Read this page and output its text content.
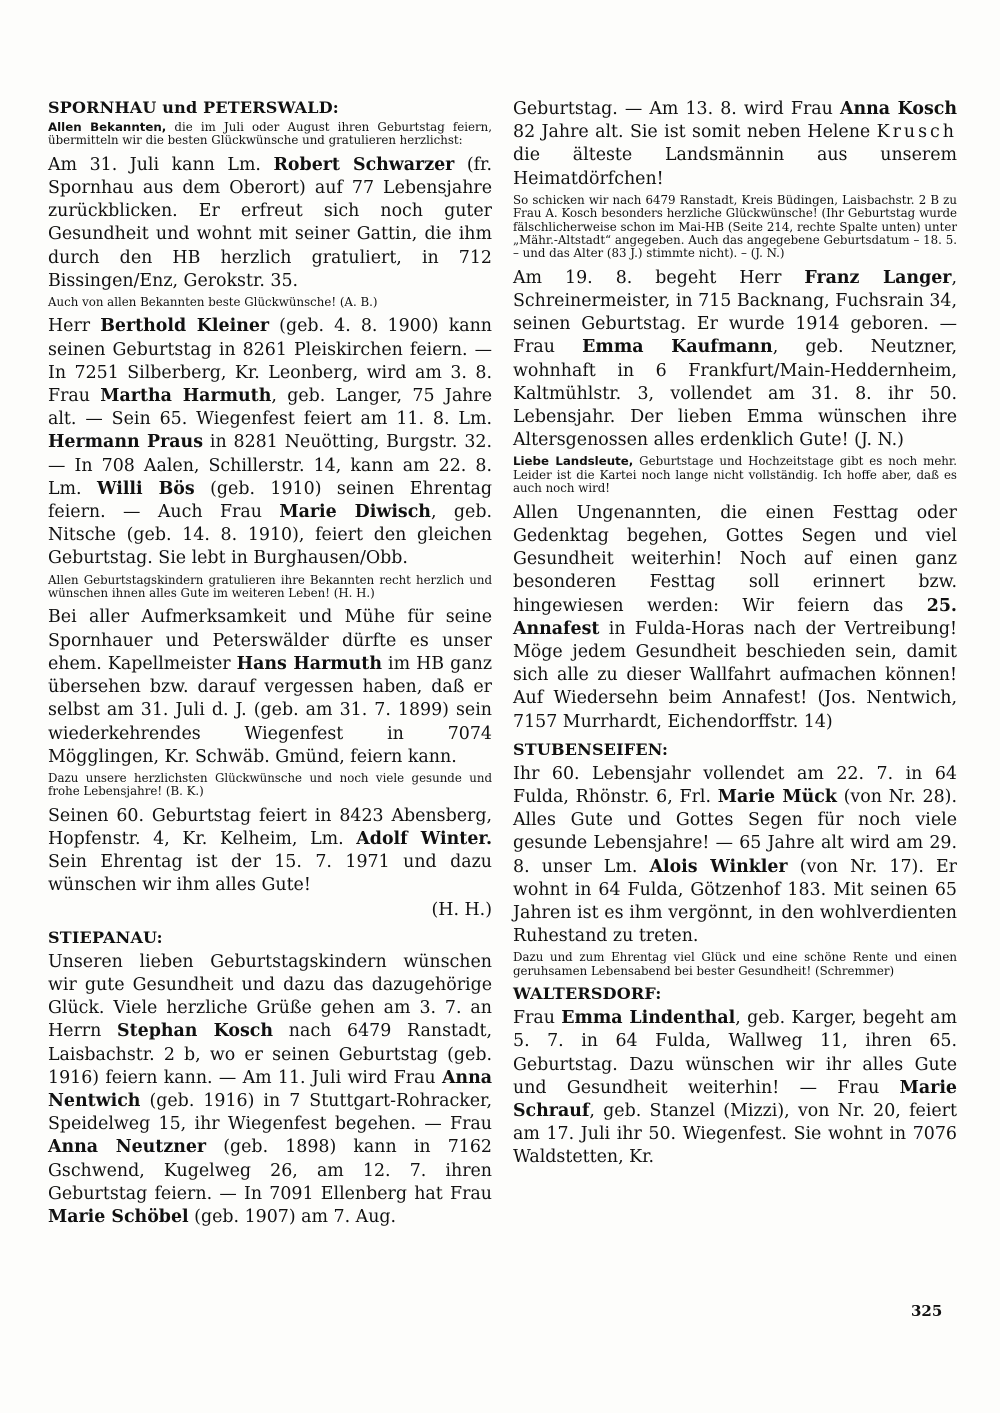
SPORNHAU und PETERSWALD:
Allen Bekannten, die im Juli oder August ihren Geburtstag feiern, übermitteln wir die besten Glückwünsche und gratulieren herzlichst:
Am 31. Juli kann Lm. Robert Schwarzer (fr. Spornhau aus dem Oberort) auf 77 Lebensjahre zurückblicken. Er erfreut sich noch guter Gesundheit und wohnt mit seiner Gattin, die ihm durch den HB herzlich gratuliert, in 712 Bissingen/Enz, Gerokstr. 35.
Auch von allen Bekannten beste Glückwünsche! (A. B.)
Herr Berthold Kleiner (geb. 4. 8. 1900) kann seinen Geburtstag in 8261 Pleiskirchen feiern. — In 7251 Silberberg, Kr. Leonberg, wird am 3. 8. Frau Martha Harmuth, geb. Langer, 75 Jahre alt. — Sein 65. Wiegenfest feiert am 11. 8. Lm. Hermann Praus in 8281 Neuötting, Burgstr. 32. — In 708 Aalen, Schillerstr. 14, kann am 22. 8. Lm. Willi Bös (geb. 1910) seinen Ehrentag feiern. — Auch Frau Marie Diwisch, geb. Nitsche (geb. 14. 8. 1910), feiert den gleichen Geburtstag. Sie lebt in Burghausen/Obb.
Allen Geburtstagskindern gratulieren ihre Bekannten recht herzlich und wünschen ihnen alles Gute im weiteren Leben! (H. H.)
Bei aller Aufmerksamkeit und Mühe für seine Spornhauer und Peterswälder dürfte es unser ehem. Kapellmeister Hans Harmuth im HB ganz übersehen bzw. darauf vergessen haben, daß er selbst am 31. Juli d. J. (geb. am 31. 7. 1899) sein wiederkehrendes Wiegenfest in 7074 Mögglingen, Kr. Schwäb. Gmünd, feiern kann.
Dazu unsere herzlichsten Glückwünsche und noch viele gesunde und frohe Lebensjahre! (B. K.)
Seinen 60. Geburtstag feiert in 8423 Abensberg, Hopfenstr. 4, Kr. Kelheim, Lm. Adolf Winter. Sein Ehrentag ist der 15. 7. 1971 und dazu wünschen wir ihm alles Gute!
(H. H.)
STIEPANAU:
Unseren lieben Geburtstagskindern wünschen wir gute Gesundheit und dazu das dazugehörige Glück. Viele herzliche Grüße gehen am 3. 7. an Herrn Stephan Kosch nach 6479 Ranstadt, Laisbachstr. 2 b, wo er seinen Geburtstag (geb. 1916) feiern kann. — Am 11. Juli wird Frau Anna Nentwich (geb. 1916) in 7 Stuttgart-Rohracker, Speidelweg 15, ihr Wiegenfest begehen. — Frau Anna Neutzner (geb. 1898) kann in 7162 Gschwend, Kugelweg 26, am 12. 7. ihren Geburtstag feiern. — In 7091 Ellenberg hat Frau Marie Schöbel (geb. 1907) am 7. Aug.
Geburtstag. — Am 13. 8. wird Frau Anna Kosch 82 Jahre alt. Sie ist somit neben Helene Krusch die älteste Landsmännin aus unserem Heimatdörfchen!
So schicken wir nach 6479 Ranstadt, Kreis Büdingen, Laisbachstr. 2 B zu Frau A. Kosch besonders herzliche Glückwünsche! (Ihr Geburtstag wurde fälschlicherweise schon im Mai-HB (Seite 214, rechte Spalte unten) unter „Mähr.-Altstadt“ angegeben. Auch das angegebene Geburtsdatum – 18. 5. – und das Alter (83 J.) stimmte nicht). – (J. N.)
Am 19. 8. begeht Herr Franz Langer, Schreinermeister, in 715 Backnang, Fuchsrain 34, seinen Geburtstag. Er wurde 1914 geboren. — Frau Emma Kaufmann, geb. Neutzner, wohnhaft in 6 Frankfurt/Main-Heddernheim, Kaltmühlstr. 3, vollendet am 31. 8. ihr 50. Lebensjahr. Der lieben Emma wünschen ihre Altersgenossen alles erdenklich Gute! (J. N.)
Liebe Landsleute, Geburtstage und Hochzeitstage gibt es noch mehr. Leider ist die Kartei noch lange nicht vollständig. Ich hoffe aber, daß es auch noch wird!
Allen Ungenannten, die einen Festtag oder Gedenktag begehen, Gottes Segen und viel Gesundheit weiterhin! Noch auf einen ganz besonderen Festtag soll erinnert bzw. hingewiesen werden: Wir feiern das 25. Annafest in Fulda-Horas nach der Vertreibung! Möge jedem Gesundheit beschieden sein, damit sich alle zu dieser Wallfahrt aufmachen können! Auf Wiedersehn beim Annafest! (Jos. Nentwich, 7157 Murrhardt, Eichendorffstr. 14)
STUBENSEIFEN:
Ihr 60. Lebensjahr vollendet am 22. 7. in 64 Fulda, Rhönstr. 6, Frl. Marie Mück (von Nr. 28). Alles Gute und Gottes Segen für noch viele gesunde Lebensjahre! — 65 Jahre alt wird am 29. 8. unser Lm. Alois Winkler (von Nr. 17). Er wohnt in 64 Fulda, Götzenhof 183. Mit seinen 65 Jahren ist es ihm vergönnt, in den wohlverdienten Ruhestand zu treten.
Dazu und zum Ehrentag viel Glück und eine schöne Rente und einen geruhsamen Lebensabend bei bester Gesundheit! (Schremmer)
WALTERSDORF:
Frau Emma Lindenthal, geb. Karger, begeht am 5. 7. in 64 Fulda, Wallweg 11, ihren 65. Geburtstag. Dazu wünschen wir ihr alles Gute und Gesundheit weiterhin! — Frau Marie Schrauf, geb. Stanzel (Mizzi), von Nr. 20, feiert am 17. Juli ihr 50. Wiegenfest. Sie wohnt in 7076 Waldstetten, Kr.
325
